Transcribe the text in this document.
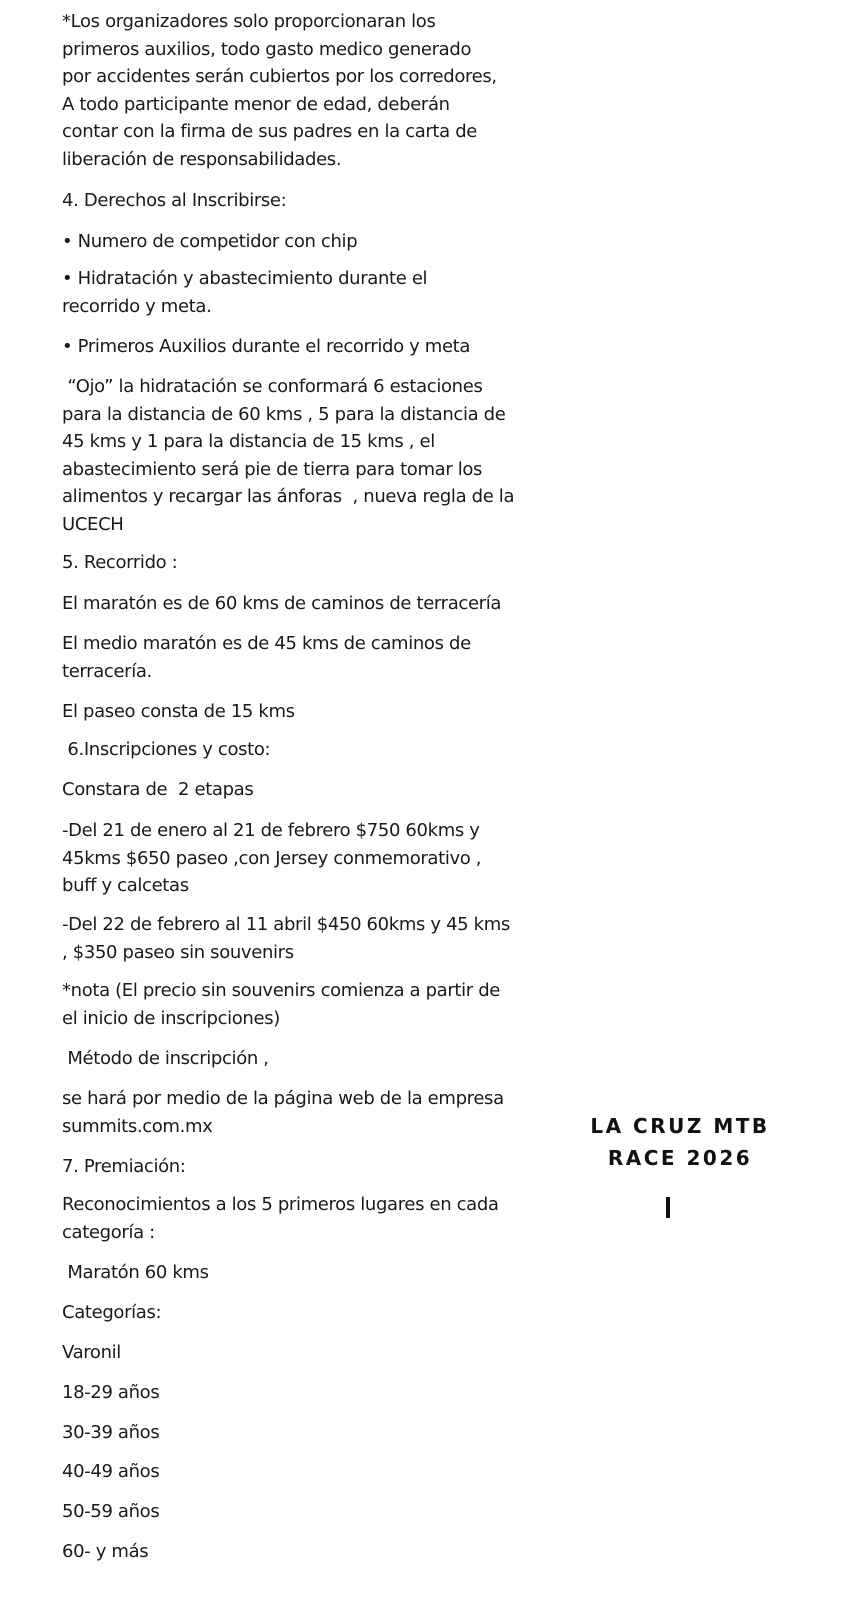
*Los organizadores solo proporcionaran los
primeros auxilios, todo gasto medico generado
por accidentes serán cubiertos por los corredores,
A todo participante menor de edad, deberán
contar con la firma de sus padres en la carta de
liberación de responsabilidades.
4. Derechos al Inscribirse:
• Numero de competidor con chip
• Hidratación y abastecimiento durante el
recorrido y meta.
• Primeros Auxilios durante el recorrido y meta
“Ojo” la hidratación se conformará 6 estaciones
para la distancia de 60 kms , 5 para la distancia de
45 kms y 1 para la distancia de 15 kms , el
abastecimiento será pie de tierra para tomar los
alimentos y recargar las ánforas  , nueva regla de la
UCECH
5. Recorrido :
El maratón es de 60 kms de caminos de terracería
El medio maratón es de 45 kms de caminos de
terracería.
El paseo consta de 15 kms
6.Inscripciones y costo:
Constara de  2 etapas
-Del 21 de enero al 21 de febrero $750 60kms y
45kms $650 paseo ,con Jersey conmemorativo ,
buff y calcetas
-Del 22 de febrero al 11 abril $450 60kms y 45 kms
, $350 paseo sin souvenirs
*nota (El precio sin souvenirs comienza a partir de
el inicio de inscripciones)
Método de inscripción ,
se hará por medio de la página web de la empresa
summits.com.mx
7. Premiación:
Reconocimientos a los 5 primeros lugares en cada
categoría :
Maratón 60 kms
Categorías:
Varonil
18-29 años
30-39 años
40-49 años
50-59 años
60- y más
LA CRUZ MTB
RACE 2026
